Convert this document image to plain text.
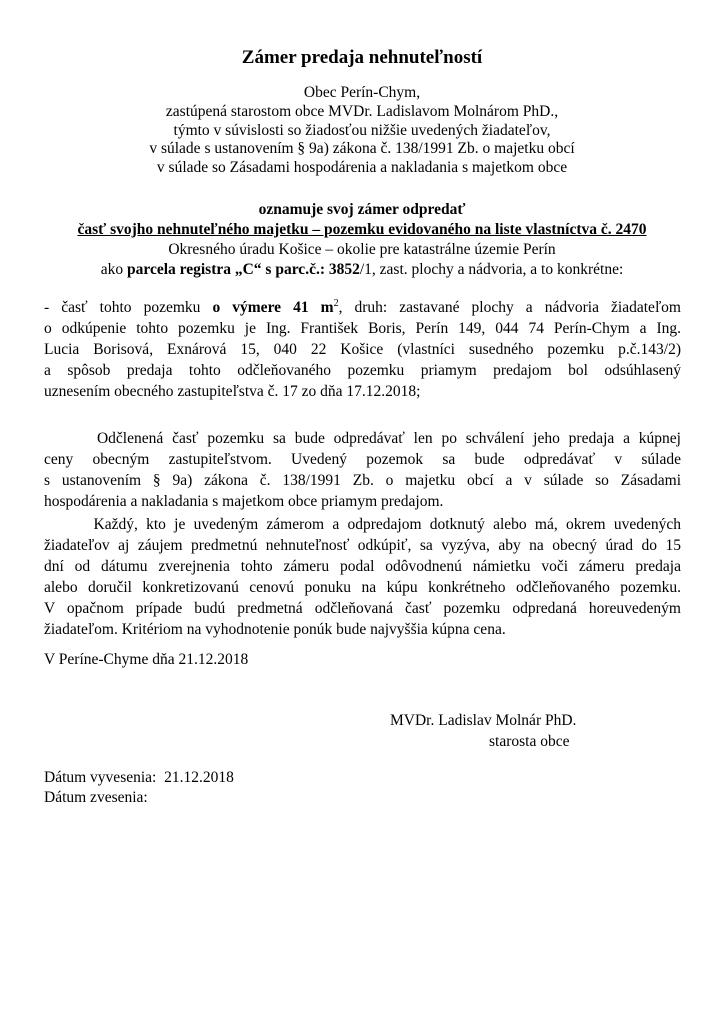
Zámer predaja nehnuteľností
Obec Perín-Chym,
zastúpená starostom obce MVDr. Ladislavom Molnárom PhD.,
týmto v súvislosti so žiadosťou nižšie uvedených žiadateľov,
v súlade s ustanovením § 9a) zákona č. 138/1991 Zb. o majetku obcí
v súlade so Zásadami hospodárenia a nakladania s majetkom obce
oznamuje svoj zámer odpredať
časť svojho nehnuteľného majetku – pozemku evidovaného na liste vlastníctva č. 2470
Okresného úradu Košice – okolie pre katastrálne územie Perín
ako parcela registra „C“ s parc.č.: 3852/1, zast. plochy a nádvoria, a to konkrétne:
- časť tohto pozemku o výmere 41 $m^2$, druh: zastavané plochy a nádvoria žiadateľom
o odkúpenie tohto pozemku je Ing. František Boris, Perín 149, 044 74 Perín-Chym a Ing.
Lucia Borisová, Exnárová 15, 040 22 Košice (vlastníci susedného pozemku p.č.143/2)
a spôsob predaja tohto odčleňovaného pozemku priamym predajom bol odsúhlasený
uznesením obecného zastupiteľstva č. 17 zo dňa 17.12.2018;
Odčlenená časť pozemku sa bude odpredávať len po schválení jeho predaja a kúpnej
ceny obecným zastupiteľstvom. Uvedený pozemok sa bude odpredávať v súlade
s ustanovením § 9a) zákona č. 138/1991 Zb. o majetku obcí a v súlade so Zásadami
hospodárenia a nakladania s majetkom obce priamym predajom.
Každý, kto je uvedeným zámerom a odpredajom dotknutý alebo má, okrem uvedených
žiadateľov aj záujem predmetnú nehnuteľnosť odkúpiť, sa vyzýva, aby na obecný úrad do 15
dní od dátumu zverejnenia tohto zámeru podal odôvodnenú námietku voči zámeru predaja
alebo doručil konkretizovanú cenovú ponuku na kúpu konkrétneho odčleňovaného pozemku.
V opačnom prípade budú predmetná odčleňovaná časť pozemku odpredaná horeuvedeným
žiadateľom. Kritériom na vyhodnotenie ponúk bude najvyššia kúpna cena.
V Períne-Chyme dňa 21.12.2018
MVDr. Ladislav Molnár PhD.
starosta obce
Dátum vyvesenia:  21.12.2018
Dátum zvesenia:
